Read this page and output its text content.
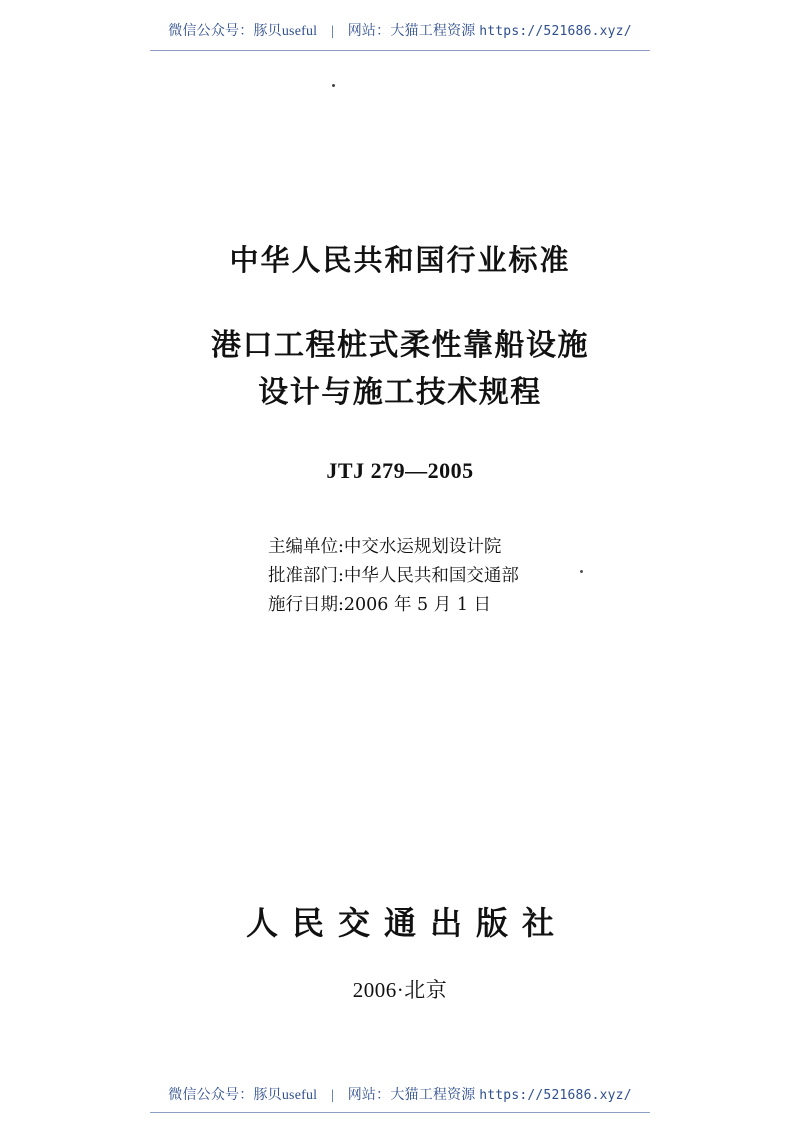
微信公众号：豚贝useful | 网站：大猫工程资源 https://521686.xyz/
中华人民共和国行业标准
港口工程桩式柔性靠船设施
设计与施工技术规程
JTJ 279—2005
主编单位:中交水运规划设计院
批准部门:中华人民共和国交通部
施行日期:2006 年 5 月 1 日
人民交通出版社
2006·北京
微信公众号：豚贝useful | 网站：大猫工程资源 https://521686.xyz/
